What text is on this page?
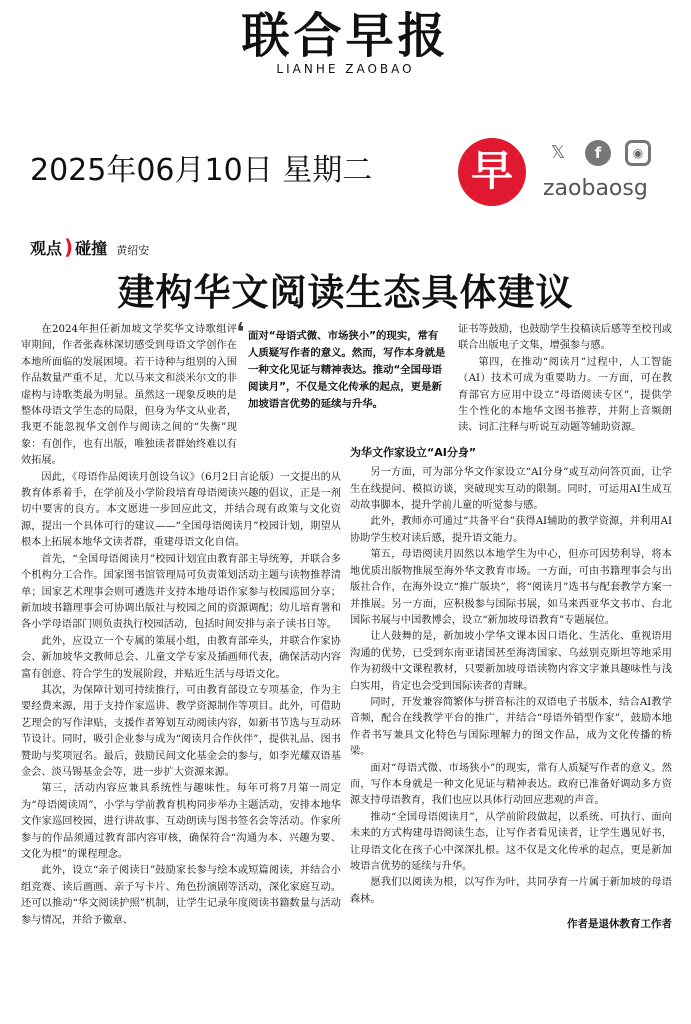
联合早报
LIANHE ZAOBAO
2025年06月10日 星期二	早	𝕏	f	◉
zaobaosg
观点 ) 碰撞 黄绍安
建构华文阅读生态具体建议

在2024年担任新加坡文学奖华文诗歌组评审期间，作者张森林深切感受到母语文学创作在本地所面临的发展困境。若干诗种与组别的入围作品数量严重不足，尤以马来文和淡米尔文的非虚构与诗歌类最为明显。虽然这一现象反映的是整体母语文学生态的局限，但身为华文从业者，我更不能忽视华文创作与阅读之间的“失衡”现象：有创作，也有出版，唯独读者群始终难以有效拓展。

因此，《母语作品阅读月创设刍议》（6月2日言论版）一文提出的从教育体系着手，在学前及小学阶段培育母语阅读兴趣的倡议，正是一剂切中要害的良方。本文愿进一步回应此文，并结合现有政策与文化资源，提出一个具体可行的建议——“全国母语阅读月”校园计划，期望从根本上拓展本地华文读者群，重建母语文化自信。

首先，“全国母语阅读月”校园计划宜由教育部主导统筹，并联合多个机构分工合作。国家图书馆管理局可负责策划活动主题与读物推荐清单；国家艺术理事会则可遴选并支持本地母语作家参与校园巡回分享；新加坡书籍理事会可协调出版社与校园之间的资源调配；幼儿培育署和各小学母语部门则负责执行校园活动，包括时间安排与亲子读书日等。

此外，应设立一个专属的策展小组，由教育部牵头，并联合作家协会、新加坡华文教师总会、儿童文学专家及插画师代表，确保活动内容富有创意、符合学生的发展阶段，并贴近生活与母语文化。

其次，为保障计划可持续推行，可由教育部设立专项基金，作为主要经费来源，用于支持作家巡讲、教学资源制作等项目。此外，可借助艺理会的写作津贴，支援作者筹划互动阅读内容，如新书节选与互动环节设计。同时，吸引企业参与成为“阅读月合作伙伴”，提供礼品、图书赞助与奖项冠名。最后，鼓励民间文化基金会的参与，如李光耀双语基金会、淡马锡基金会等，进一步扩大资源来源。

第三，活动内容应兼具系统性与趣味性。每年可将7月第一周定为“母语阅读周”，小学与学前教育机构同步举办主题活动，安排本地华文作家巡回校园，进行讲故事、互动朗读与图书签名会等活动。作家所参与的作品须通过教育部内容审核，确保符合“沟通为本、兴趣为要、文化为根”的课程理念。

此外，设立“亲子阅读日”鼓励家长参与绘本或短篇阅读，并结合小组竞赛、读后画画、亲子写卡片、角色扮演剧等活动，深化家庭互动。还可以推动“华文阅读护照”机制，让学生记录年度阅读书籍数量与活动参与情况，并给予徽章、

❛ 面对“母语式微、市场狭小”的现实，常有人质疑写作者的意义。然而，写作本身就是一种文化见证与精神表达。推动“全国母语阅读月”，不仅是文化传承的起点，更是新加坡语言优势的延续与升华。

证书等鼓励，也鼓励学生投稿读后感等至校刊或联合出版电子文集，增强参与感。

第四，在推动“阅读月”过程中，人工智能（AI）技术可成为重要助力。一方面，可在教育部官方应用中设立“母语阅读专区”，提供学生个性化的本地华文图书推荐，并附上音频朗读、词汇注释与听说互动题等辅助资源。

为华文作家设立“AI分身”

另一方面，可为部分华文作家设立“AI分身”或互动问答页面，让学生在线提问、模拟访谈，突破现实互动的限制。同时，可运用AI生成互动故事脚本，提升学前儿童的听觉参与感。

此外，教师亦可通过“共备平台”获得AI辅助的教学资源，并利用AI协助学生校对读后感，提升语文能力。

第五，母语阅读月固然以本地学生为中心，但亦可因势利导，将本地优质出版物推展至海外华文教育市场。一方面，可由书籍理事会与出版社合作，在海外设立“推广版块”，将“阅读月”选书与配套教学方案一并推展。另一方面，应积极参与国际书展，如马来西亚华文书市、台北国际书展与中国教博会，设立“新加坡母语教育”专题展位。

让人鼓舞的是，新加坡小学华文课本因口语化、生活化、重视语用沟通的优势，已受到东南亚诸国甚至海湾国家、乌兹别克斯坦等地采用作为初级中文课程教材，只要新加坡母语读物内容文字兼具趣味性与浅白实用，肯定也会受到国际读者的青睐。

同时，开发兼容简繁体与拼音标注的双语电子书版本，结合AI教学音频，配合在线教学平台的推广，并结合“母语外销型作家”，鼓励本地作者书写兼具文化特色与国际理解力的图文作品，成为文化传播的桥梁。

面对“母语式微、市场狭小”的现实，常有人质疑写作者的意义。然而，写作本身就是一种文化见证与精神表达。政府已准备好调动多方资源支持母语教育，我们也应以具体行动回应悲观的声音。

推动“全国母语阅读月”，从学前阶段做起，以系统、可执行、面向未来的方式构建母语阅读生态，让写作者看见读者，让学生遇见好书，让母语文化在孩子心中深深扎根。这不仅是文化传承的起点，更是新加坡语言优势的延续与升华。

愿我们以阅读为根，以写作为叶，共同孕育一片属于新加坡的母语森林。

作者是退休教育工作者
